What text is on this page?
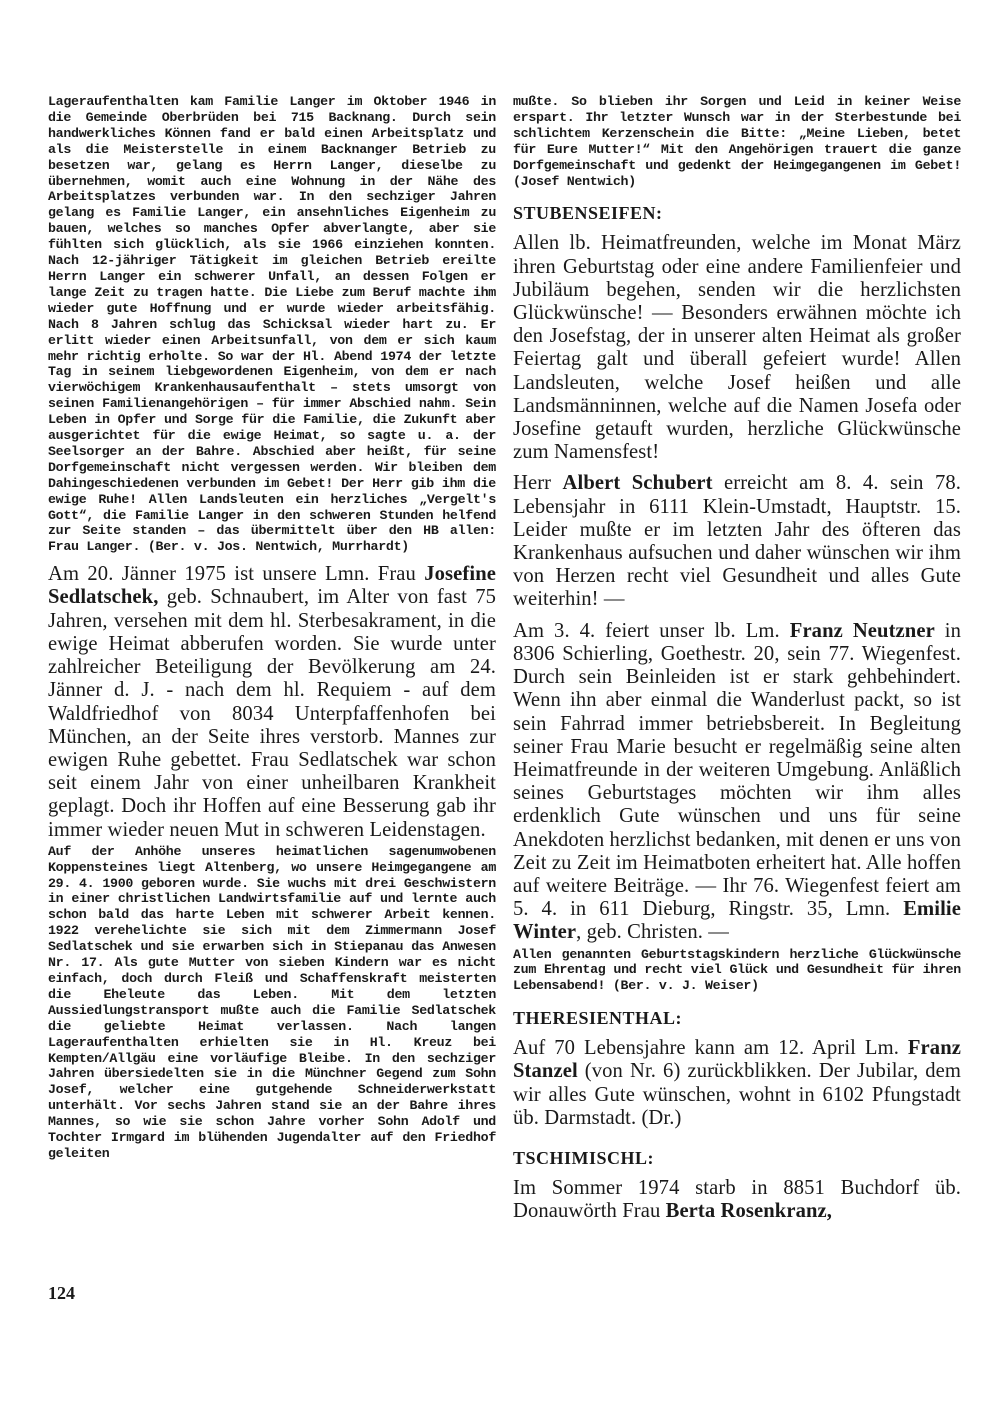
Lageraufenthalten kam Familie Langer im Oktober 1946 in die Gemeinde Oberbrüden bei 715 Backnang. Durch sein handwerkliches Können fand er bald einen Arbeitsplatz und als die Meisterstelle in einem Backnanger Betrieb zu besetzen war, gelang es Herrn Langer, dieselbe zu übernehmen, womit auch eine Wohnung in der Nähe des Arbeitsplatzes verbunden war. In den sechziger Jahren gelang es Familie Langer, ein ansehnliches Eigenheim zu bauen, welches so manches Opfer abverlangte, aber sie fühlten sich glücklich, als sie 1966 einziehen konnten. Nach 12-jähriger Tätigkeit im gleichen Betrieb ereilte Herrn Langer ein schwerer Unfall, an dessen Folgen er lange Zeit zu tragen hatte. Die Liebe zum Beruf machte ihm wieder gute Hoffnung und er wurde wieder arbeitsfähig. Nach 8 Jahren schlug das Schicksal wieder hart zu. Er erlitt wieder einen Arbeitsunfall, von dem er sich kaum mehr richtig erholte. So war der Hl. Abend 1974 der letzte Tag in seinem liebgewordenen Eigenheim, von dem er nach vierwöchigem Krankenhausaufenthalt – stets umsorgt von seinen Familienangehörigen – für immer Abschied nahm. Sein Leben in Opfer und Sorge für die Familie, die Zukunft aber ausgerichtet für die ewige Heimat, so sagte u. a. der Seelsorger an der Bahre. Abschied aber heißt, für seine Dorfgemeinschaft nicht vergessen werden. Wir bleiben dem Dahingeschiedenen verbunden im Gebet! Der Herr gib ihm die ewige Ruhe! Allen Landsleuten ein herzliches „Vergelt's Gott“, die Familie Langer in den schweren Stunden helfend zur Seite standen – das übermittelt über den HB allen: Frau Langer. (Ber. v. Jos. Nentwich, Murrhardt)

Am 20. Jänner 1975 ist unsere Lmn. Frau Josefine Sedlatschek, geb. Schnaubert, im Alter von fast 75 Jahren, versehen mit dem hl. Sterbesakrament, in die ewige Heimat abberufen worden. Sie wurde unter zahlreicher Beteiligung der Bevölkerung am 24. Jänner d. J. - nach dem hl. Requiem - auf dem Waldfriedhof von 8034 Unterpfaffenhofen bei München, an der Seite ihres verstorb. Mannes zur ewigen Ruhe gebettet. Frau Sedlatschek war schon seit einem Jahr von einer unheilbaren Krankheit geplagt. Doch ihr Hoffen auf eine Besserung gab ihr immer wieder neuen Mut in schweren Leidenstagen.

Auf der Anhöhe unseres heimatlichen sagenumwobenen Koppensteines liegt Altenberg, wo unsere Heimgegangene am 29. 4. 1900 geboren wurde. Sie wuchs mit drei Geschwistern in einer christlichen Landwirtsfamilie auf und lernte auch schon bald das harte Leben mit schwerer Arbeit kennen. 1922 verehelichte sie sich mit dem Zimmermann Josef Sedlatschek und sie erwarben sich in Stiepanau das Anwesen Nr. 17. Als gute Mutter von sieben Kindern war es nicht einfach, doch durch Fleiß und Schaffenskraft meisterten die Eheleute das Leben. Mit dem letzten Aussiedlungstransport mußte auch die Familie Sedlatschek die geliebte Heimat verlassen. Nach langen Lageraufenthalten erhielten sie in Hl. Kreuz bei Kempten/Allgäu eine vorläufige Bleibe. In den sechziger Jahren übersiedelten sie in die Münchner Gegend zum Sohn Josef, welcher eine gutgehende Schneiderwerkstatt unterhält. Vor sechs Jahren stand sie an der Bahre ihres Mannes, so wie sie schon Jahre vorher Sohn Adolf und Tochter Irmgard im blühenden Jugendalter auf den Friedhof geleiten

mußte. So blieben ihr Sorgen und Leid in keiner Weise erspart. Ihr letzter Wunsch war in der Sterbestunde bei schlichtem Kerzenschein die Bitte: „Meine Lieben, betet für Eure Mutter!“ Mit den Angehörigen trauert die ganze Dorfgemeinschaft und gedenkt der Heimgegangenen im Gebet! (Josef Nentwich)

STUBENSEIFEN:

Allen lb. Heimatfreunden, welche im Monat März ihren Geburtstag oder eine andere Familienfeier und Jubiläum begehen, senden wir die herzlichsten Glückwünsche! — Besonders erwähnen möchte ich den Josefstag, der in unserer alten Heimat als großer Feiertag galt und überall gefeiert wurde! Allen Landsleuten, welche Josef heißen und alle Landsmänninnen, welche auf die Namen Josefa oder Josefine getauft wurden, herzliche Glückwünsche zum Namensfest!

Herr Albert Schubert erreicht am 8. 4. sein 78. Lebensjahr in 6111 Klein-Umstadt, Hauptstr. 15. Leider mußte er im letzten Jahr des öfteren das Krankenhaus aufsuchen und daher wünschen wir ihm von Herzen recht viel Gesundheit und alles Gute weiterhin! —

Am 3. 4. feiert unser lb. Lm. Franz Neutzner in 8306 Schierling, Goethestr. 20, sein 77. Wiegenfest. Durch sein Beinleiden ist er stark gehbehindert. Wenn ihn aber einmal die Wanderlust packt, so ist sein Fahrrad immer betriebsbereit. In Begleitung seiner Frau Marie besucht er regelmäßig seine alten Heimatfreunde in der weiteren Umgebung. Anläßlich seines Geburtstages möchten wir ihm alles erdenklich Gute wünschen und uns für seine Anekdoten herzlichst bedanken, mit denen er uns von Zeit zu Zeit im Heimatboten erheitert hat. Alle hoffen auf weitere Beiträge. — Ihr 76. Wiegenfest feiert am 5. 4. in 611 Dieburg, Ringstr. 35, Lmn. Emilie Winter, geb. Christen. —

Allen genannten Geburtstagskindern herzliche Glückwünsche zum Ehrentag und recht viel Glück und Gesundheit für ihren Lebensabend! (Ber. v. J. Weiser)

THERESIENTHAL:

Auf 70 Lebensjahre kann am 12. April Lm. Franz Stanzel (von Nr. 6) zurückblikken. Der Jubilar, dem wir alles Gute wünschen, wohnt in 6102 Pfungstadt üb. Darmstadt. (Dr.)

TSCHIMISCHL:

Im Sommer 1974 starb in 8851 Buchdorf üb. Donauwörth Frau Berta Rosenkranz,

124
